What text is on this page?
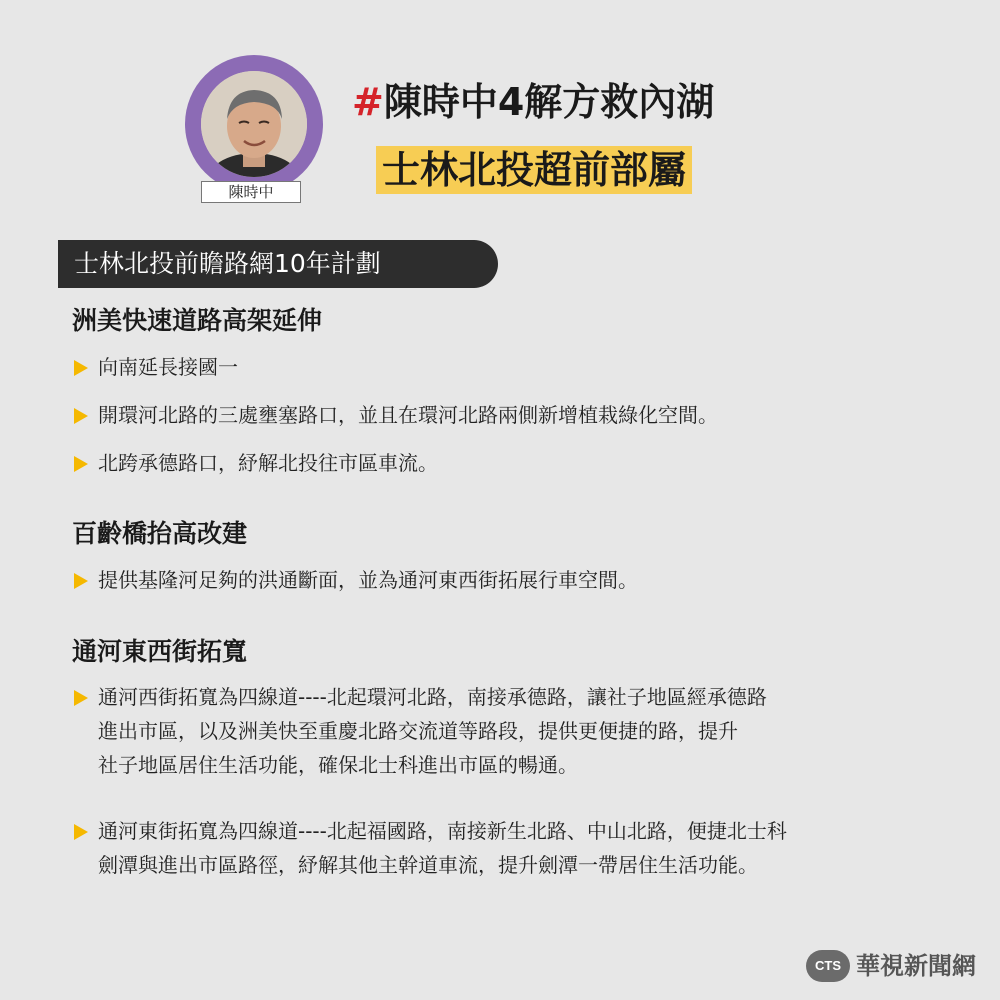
陳時中
#陳時中4解方救內湖
士林北投超前部屬
士林北投前瞻路網10年計劃
洲美快速道路高架延伸
向南延長接國一
開環河北路的三處壅塞路口，並且在環河北路兩側新增植栽綠化空間。
北跨承德路口，紓解北投往市區車流。
百齡橋抬高改建
提供基隆河足夠的洪通斷面，並為通河東西街拓展行車空間。
通河東西街拓寬
通河西街拓寬為四線道----北起環河北路，南接承德路，讓社子地區經承德路
進出市區，以及洲美快至重慶北路交流道等路段，提供更便捷的路，提升
社子地區居住生活功能，確保北士科進出市區的暢通。
通河東街拓寬為四線道----北起福國路，南接新生北路、中山北路，便捷北士科
劍潭與進出市區路徑，紓解其他主幹道車流，提升劍潭一帶居住生活功能。
CTS 華視新聞網
